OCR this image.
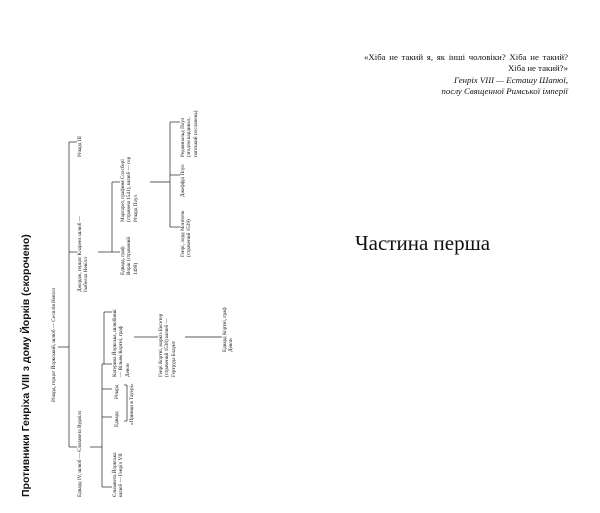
Противники Генріха VIII з дому Йорків (скорочено)	Річард, герцог Йоркський, шлюб — Сесилія Невілл
Едвард IV, шлюб — Єлизавета Вудвілл
Джордж, герцог Кларенс шлюб — Ізабелла Невілл
Річард III
Єлизавета Йоркська шлюб — Генріх VII
Едвард
Річард «Принци в Тауері»
Катерина Йоркська, шлюб — Вільям Кортні, граф Девон
інші	Генрі Кортні, маркіз Ексетер (страчений 1538) шлюб — Гертруда Блаунт
Едвард Кортні, граф Девон
Едвард, граф Ворік (страчений 1499)
Маргарет, графиня Солсбері (страчена 1541), шлюб — сер Річард Поул
Генрі, лорд Монтегю (страчений 1539)
Джеффрі Поул
Реджинальд Поул (згодом кардинал, папський посланець)
«Хіба не такий я, як інші чоловіки? Хіба не такий? Хіба не такий?»
Генріх VIII — Есташу Шапюї,
послу Священної Римської імперії
Частина перша
